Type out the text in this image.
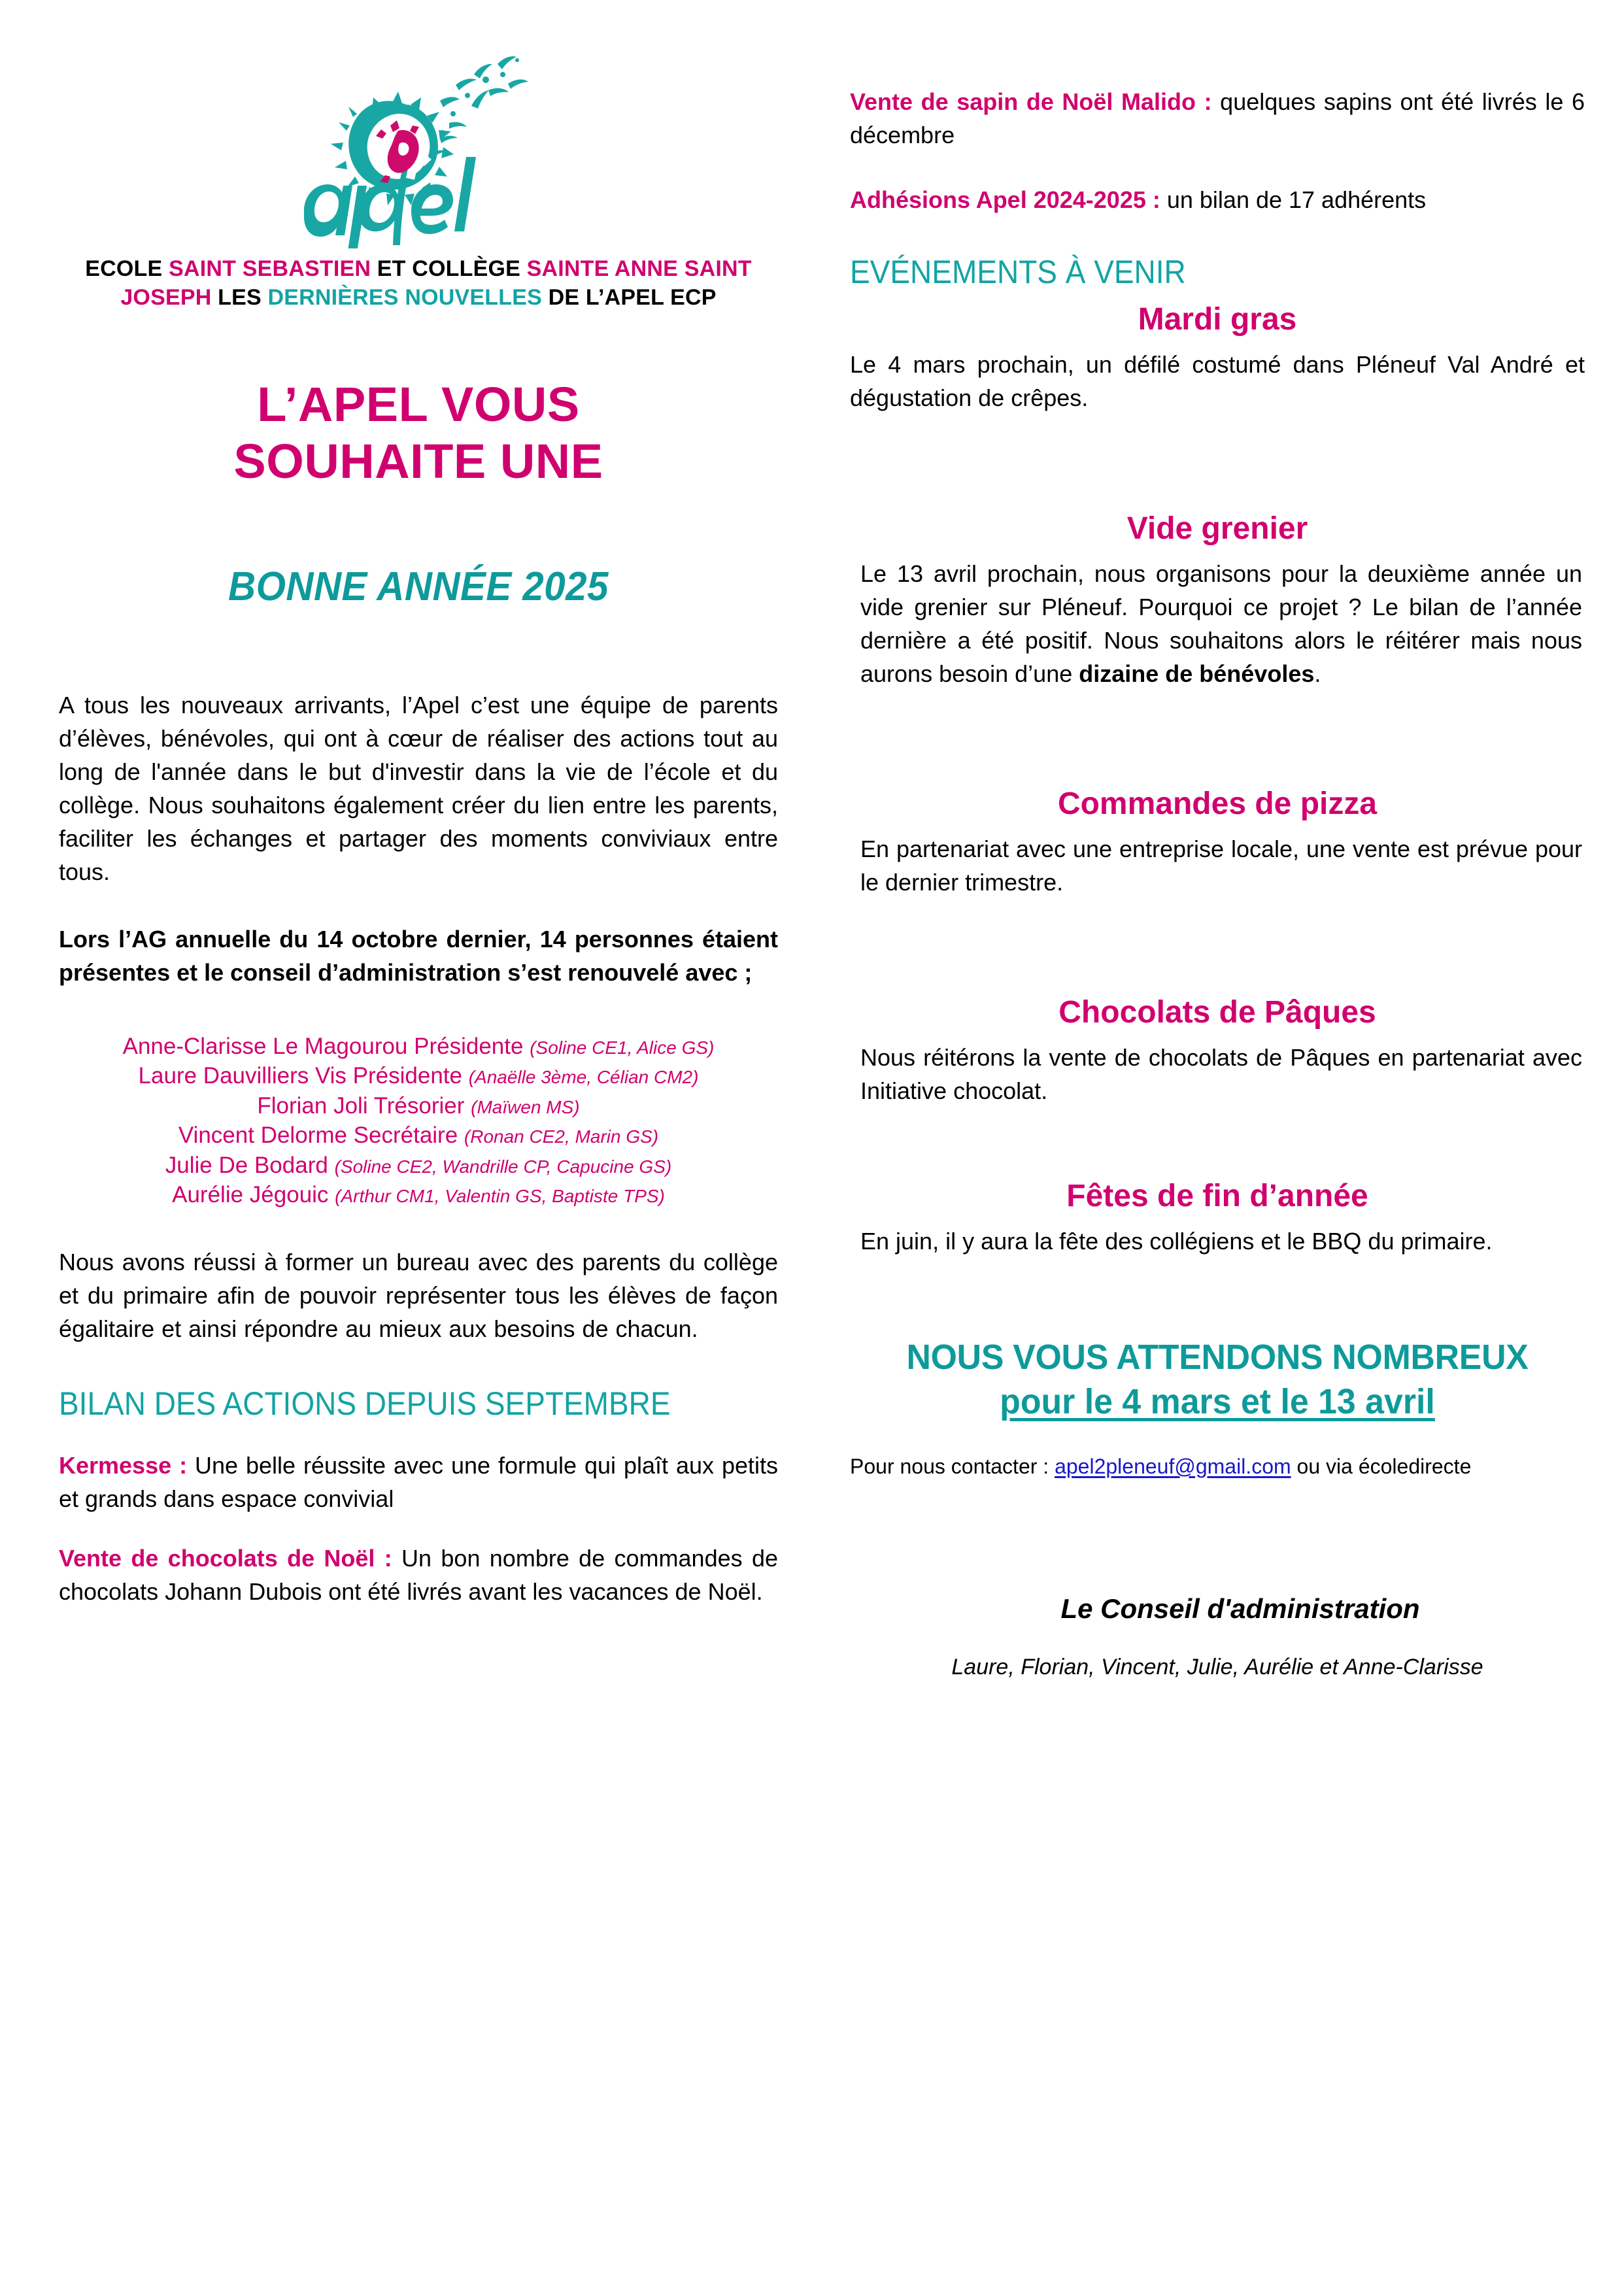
ECOLE SAINT SEBASTIEN ET COLLÈGE SAINTE ANNE SAINT JOSEPH LES DERNIÈRES NOUVELLES DE L’APEL ECP
L’APEL VOUS
SOUHAITE UNE
BONNE ANNÉE 2025

A tous les nouveaux arrivants, l’Apel c’est une équipe de parents d’élèves, bénévoles, qui ont à cœur de réaliser des actions tout au long de l'année dans le but d'investir dans la vie de l’école et du collège. Nous souhaitons également créer du lien entre les parents, faciliter les échanges et partager des moments conviviaux entre tous.

Lors l’AG annuelle du 14 octobre dernier, 14 personnes étaient présentes et le conseil d’administration s’est renouvelé avec ;

Anne-Clarisse Le Magourou Présidente (Soline CE1, Alice GS)
Laure Dauvilliers Vis Présidente (Anaëlle 3ème, Célian CM2)
Florian Joli Trésorier (Maïwen MS)
Vincent Delorme Secrétaire (Ronan CE2, Marin GS)
Julie De Bodard (Soline CE2, Wandrille CP, Capucine GS)
Aurélie Jégouic (Arthur CM1, Valentin GS, Baptiste TPS)

Nous avons réussi à former un bureau avec des parents du collège et du primaire afin de pouvoir représenter tous les élèves de façon égalitaire et ainsi répondre au mieux aux besoins de chacun.

BILAN DES ACTIONS DEPUIS SEPTEMBRE

Kermesse : Une belle réussite avec une formule qui plaît aux petits et grands dans espace convivial

Vente de chocolats de Noël : Un bon nombre de commandes de chocolats Johann Dubois ont été livrés avant les vacances de Noël.

Vente de sapin de Noël Malido : quelques sapins ont été livrés le 6 décembre

Adhésions Apel 2024-2025 : un bilan de 17 adhérents

EVÉNEMENTS À VENIR
Mardi gras

Le 4 mars prochain, un défilé costumé dans Pléneuf Val André et dégustation de crêpes.

Vide grenier

Le 13 avril prochain, nous organisons pour la deuxième année un vide grenier sur Pléneuf. Pourquoi ce projet ? Le bilan de l’année dernière a été positif. Nous souhaitons alors le réitérer mais nous aurons besoin d’une dizaine de bénévoles.

Commandes de pizza

En partenariat avec une entreprise locale, une vente est prévue pour le dernier trimestre.

Chocolats de Pâques

Nous réitérons la vente de chocolats de Pâques en partenariat avec Initiative chocolat.

Fêtes de fin d’année

En juin, il y aura la fête des collégiens et le BBQ du primaire.

NOUS VOUS ATTENDONS NOMBREUX
pour le 4 mars et le 13 avril
Pour nous contacter : apel2pleneuf@gmail.com ou via écoledirecte
Le Conseil d'administration
Laure, Florian, Vincent, Julie, Aurélie et Anne-Clarisse
